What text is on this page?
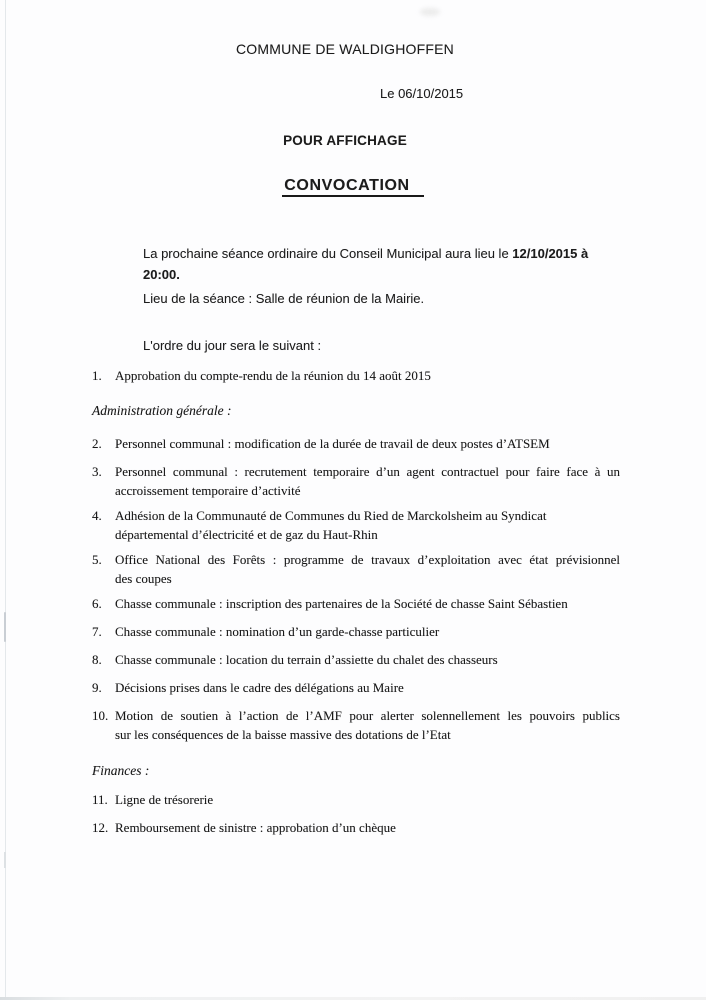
COMMUNE DE WALDIGHOFFEN
Le 06/10/2015
POUR AFFICHAGE
CONVOCATION
La prochaine séance ordinaire du Conseil Municipal aura lieu le 12/10/2015 à
20:00.
Lieu de la séance : Salle de réunion de la Mairie.
L'ordre du jour sera le suivant :
1.	Approbation du compte-rendu de la réunion du 14 août 2015
Administration générale :
2.	Personnel communal : modification de la durée de travail de deux postes d’ATSEM
3.	Personnel communal : recrutement temporaire d’un agent contractuel pour faire face à un
accroissement temporaire d’activité
4.	Adhésion de la Communauté de Communes du Ried de Marckolsheim au Syndicat
départemental d’électricité et de gaz du Haut-Rhin
5.	Office National des Forêts : programme de travaux d’exploitation avec état prévisionnel
des coupes
6.	Chasse communale : inscription des partenaires de la Société de chasse Saint Sébastien
7.	Chasse communale : nomination d’un garde-chasse particulier
8.	Chasse communale : location du terrain d’assiette du chalet des chasseurs
9.	Décisions prises dans le cadre des délégations au Maire
10. Motion de soutien à l’action de l’AMF pour alerter solennellement les pouvoirs publics
sur les conséquences de la baisse massive des dotations de l’Etat
Finances :
11. Ligne de trésorerie
12. Remboursement de sinistre : approbation d’un chèque
